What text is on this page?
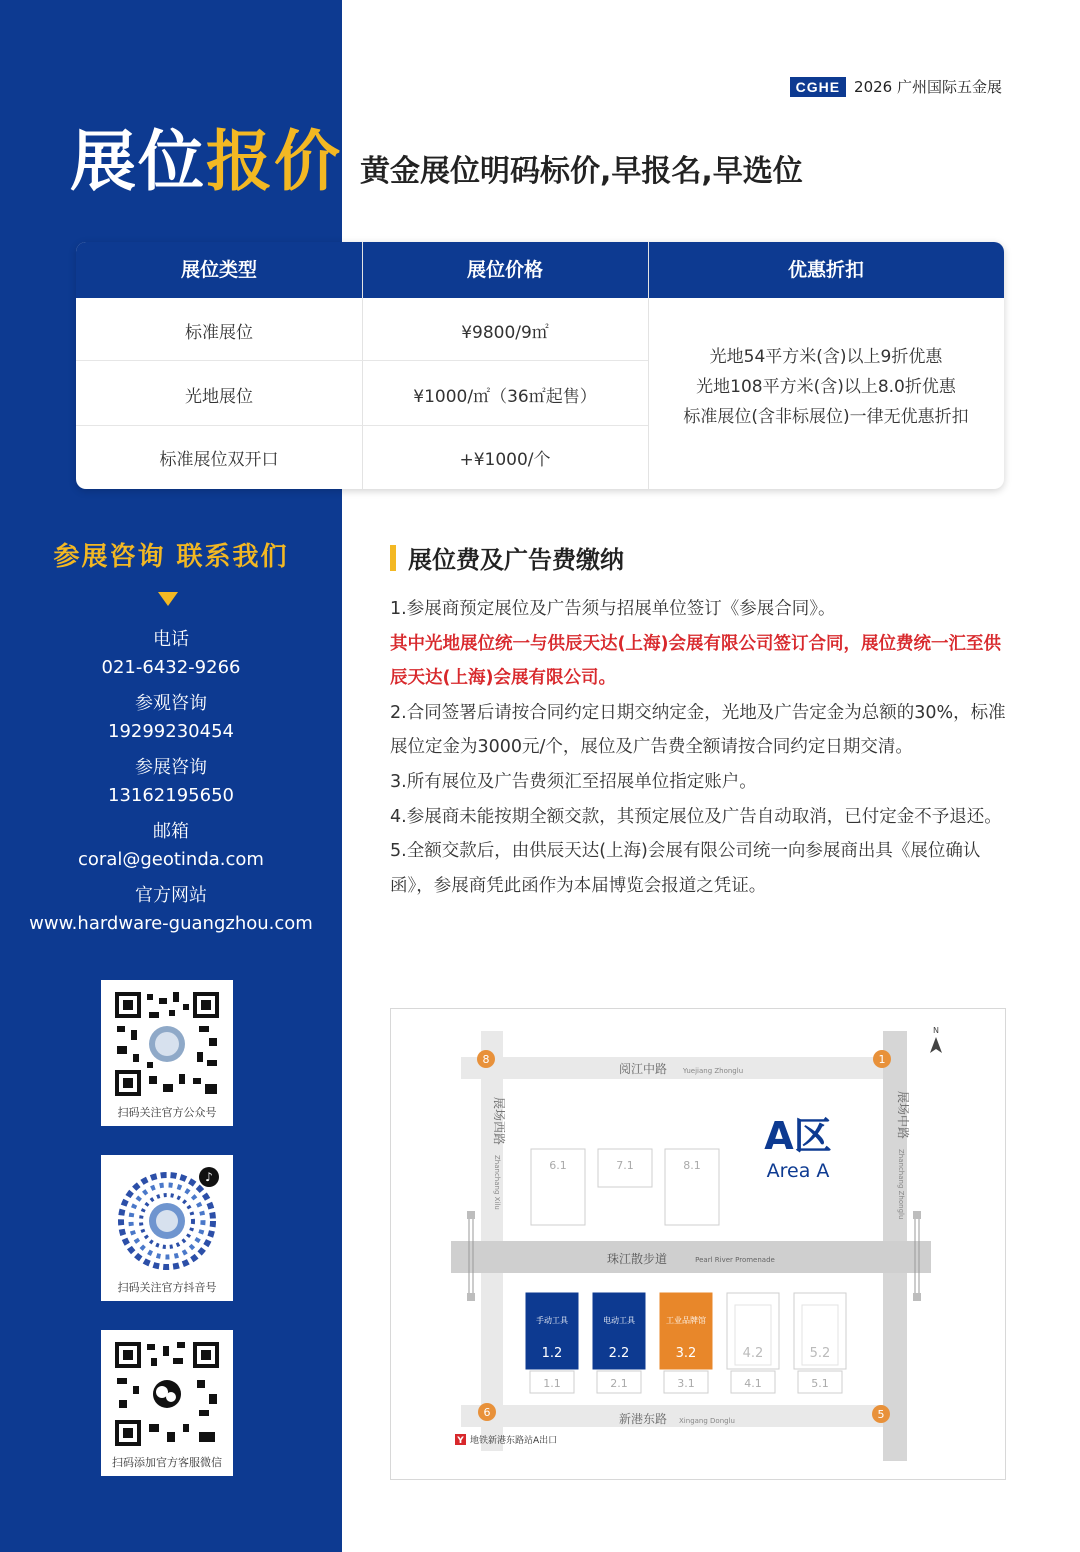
CGHE 2026 广州国际五金展
展位报价 黄金展位明码标价,早报名,早选位
展位类型	展位价格	优惠折扣
标准展位	¥9800/9㎡
光地展位	¥1000/㎡（36㎡起售）
标准展位双开口	+¥1000/个
光地54平方米(含)以上9折优惠
光地108平方米(含)以上8.0折优惠
标准展位(含非标展位)一律无优惠折扣
参展咨询 联系我们
电话
021-6432-9266
参观咨询
19299230454
参展咨询
13162195650
邮箱
coral@geotinda.com
官方网站
www.hardware-guangzhou.com
扫码关注官方公众号
♪
扫码关注官方抖音号
扫码添加官方客服微信
展位费及广告费缴纳
1.参展商预定展位及广告须与招展单位签订《参展合同》。
其中光地展位统一与供辰天达(上海)会展有限公司签订合同，展位费统一汇至供辰天达(上海)会展有限公司。
2.合同签署后请按合同约定日期交纳定金，光地及广告定金为总额的30%，标准展位定金为3000元/个，展位及广告费全额请按合同约定日期交清。
3.所有展位及广告费须汇至招展单位指定账户。
4.参展商未能按期全额交款，其预定展位及广告自动取消，已付定金不予退还。
5.全额交款后，由供辰天达(上海)会展有限公司统一向参展商出具《展位确认函》，参展商凭此函作为本届博览会报道之凭证。
阅江中路 Yuejiang Zhonglu
新港东路 Xingang Donglu
珠江散步道	Pearl River Promenade
展场西路
Zhanchang Xilu
展场中路
Zhanchang Zhonglu
N
8	1
6	5
A区
Area A
6.1	7.1	8.1
1.1
手动工具
1.2
2.1
电动工具
2.2
3.1
工业品牌馆
3.2
4.1
4.2
5.1
5.2
Y 地铁新港东路站A出口
